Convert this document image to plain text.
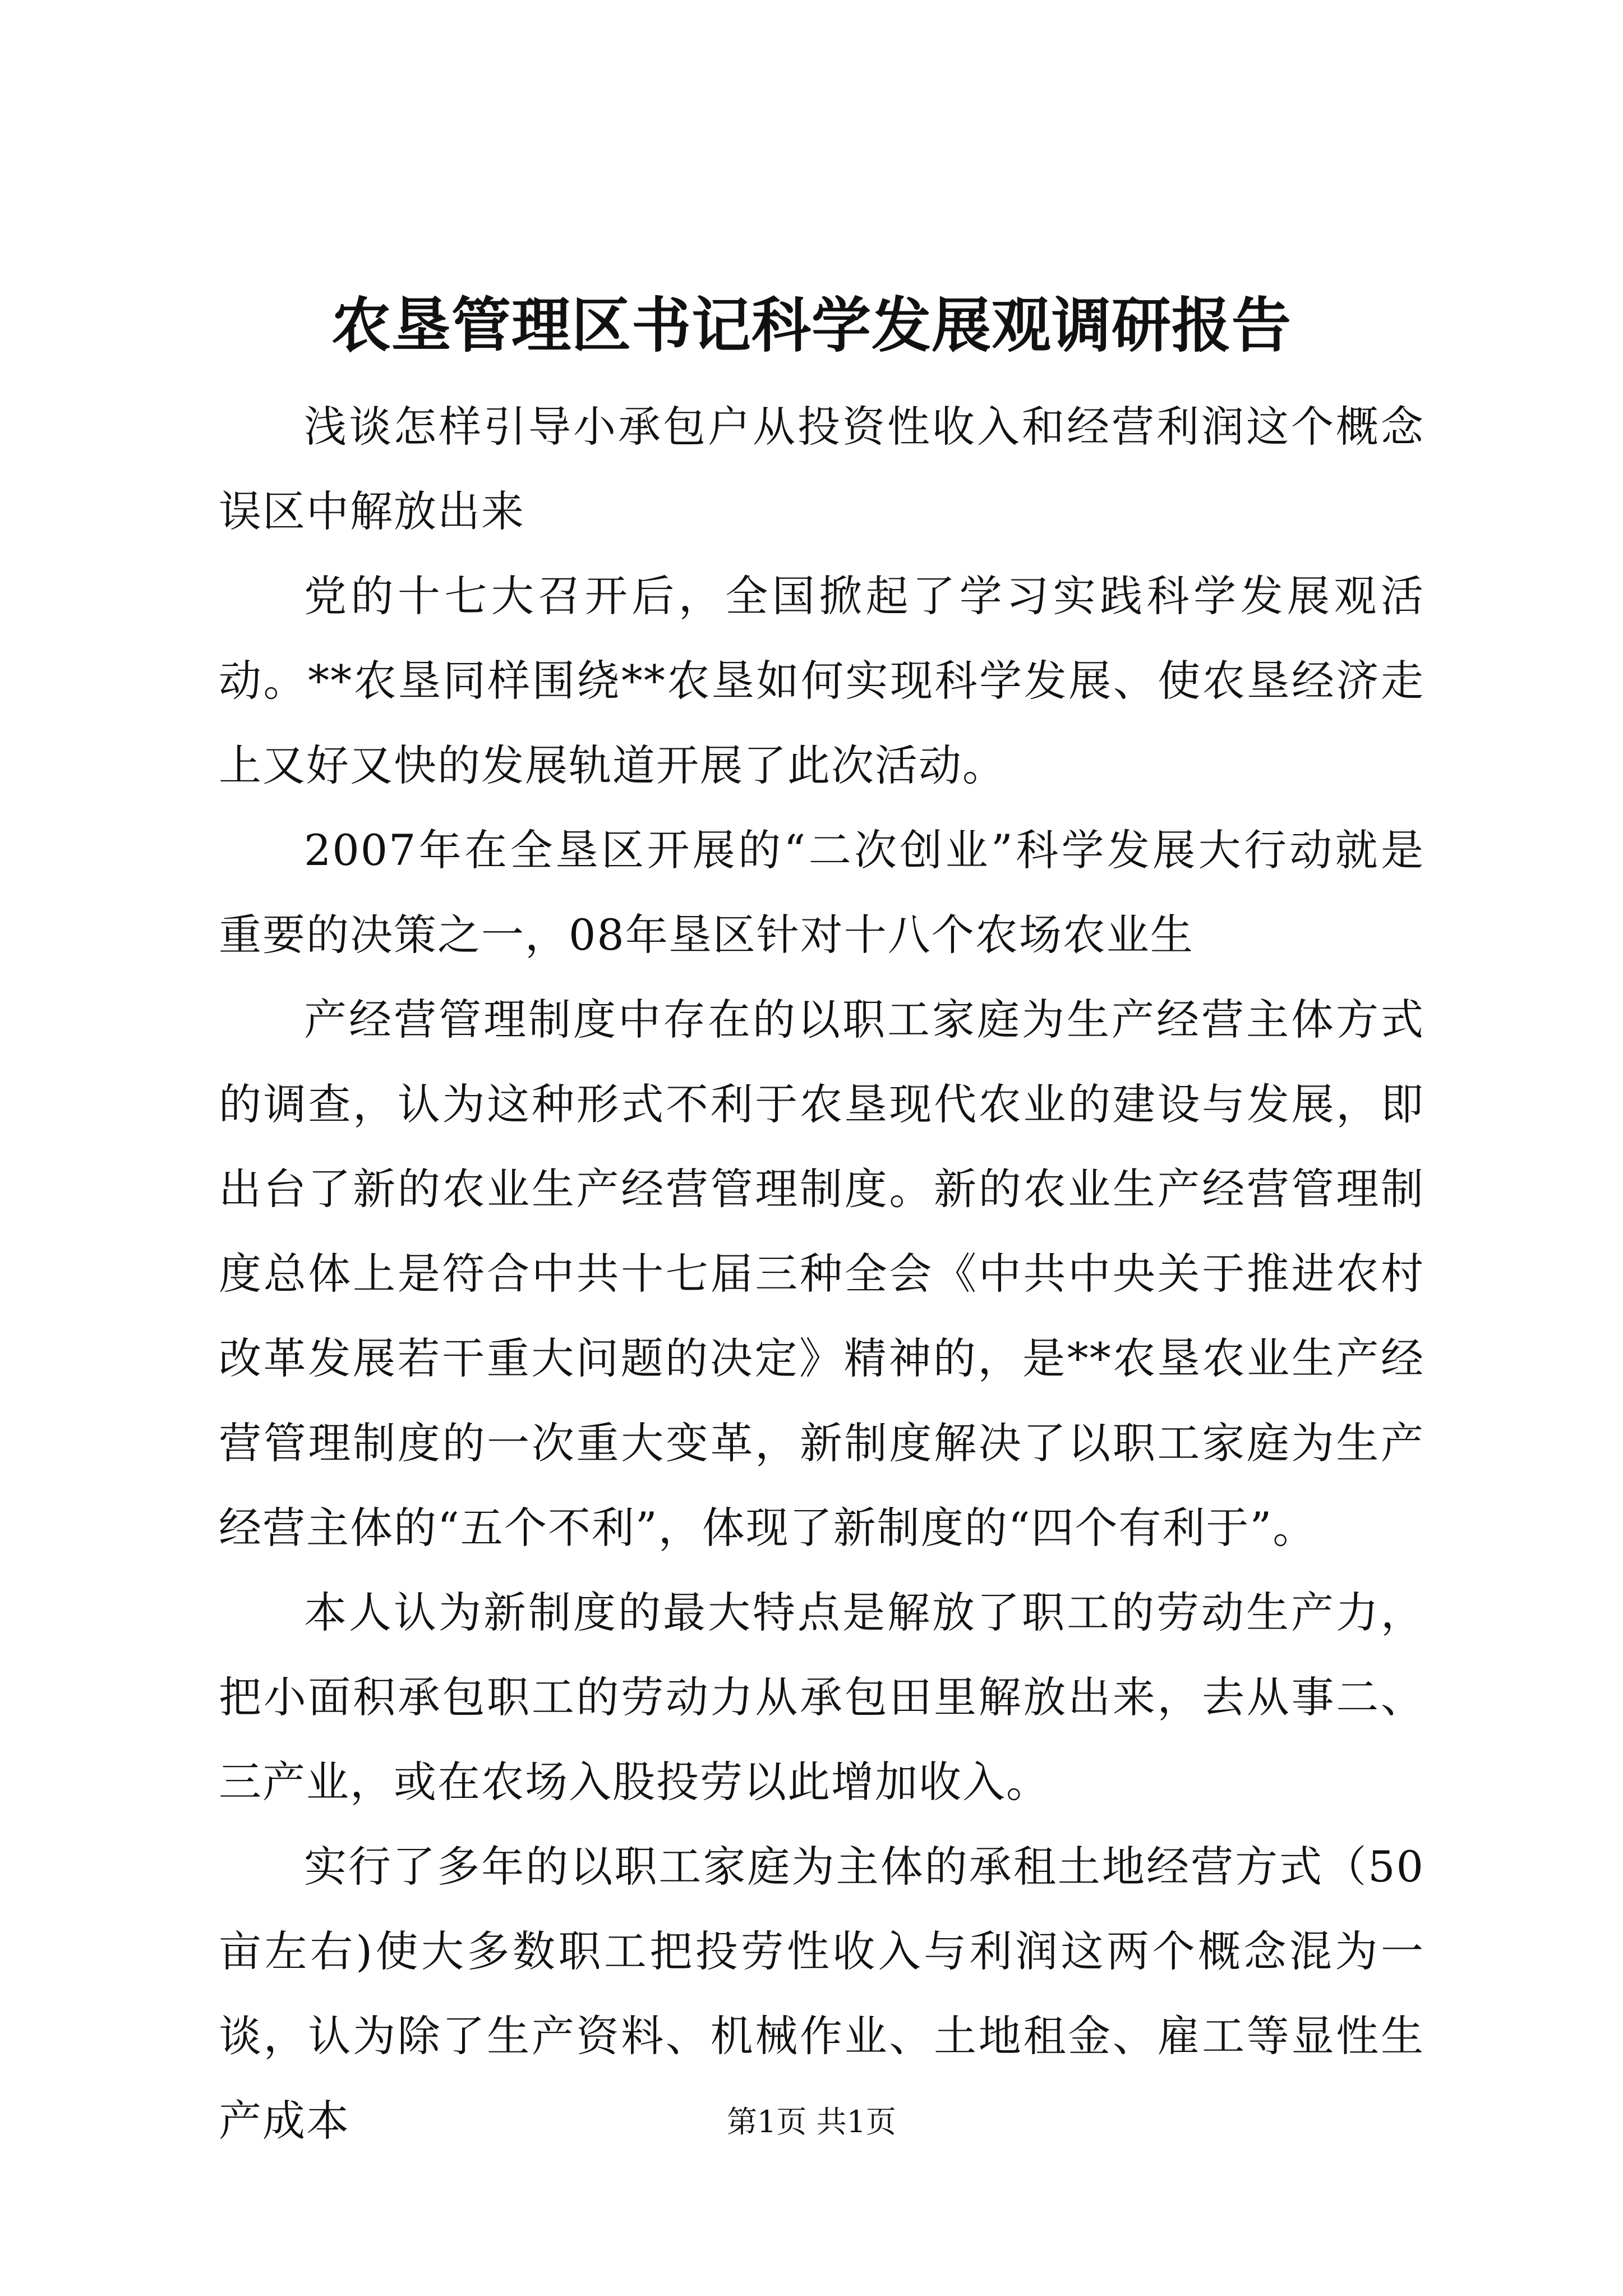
农垦管理区书记科学发展观调研报告

浅谈怎样引导小承包户从投资性收入和经营利润这个概念误区中解放出来

党的十七大召开后，全国掀起了学习实践科学发展观活动。**农垦同样围绕**农垦如何实现科学发展、使农垦经济走上又好又快的发展轨道开展了此次活动。

2007年在全垦区开展的“二次创业”科学发展大行动就是重要的决策之一，08年垦区针对十八个农场农业生

产经营管理制度中存在的以职工家庭为生产经营主体方式的调查，认为这种形式不利于农垦现代农业的建设与发展，即出台了新的农业生产经营管理制度。新的农业生产经营管理制度总体上是符合中共十七届三种全会《中共中央关于推进农村改革发展若干重大问题的决定》精神的，是**农垦农业生产经营管理制度的一次重大变革，新制度解决了以职工家庭为生产经营主体的“五个不利”，体现了新制度的“四个有利于”。

本人认为新制度的最大特点是解放了职工的劳动生产力，把小面积承包职工的劳动力从承包田里解放出来，去从事二、三产业，或在农场入股投劳以此增加收入。

实行了多年的以职工家庭为主体的承租土地经营方式（50亩左右)使大多数职工把投劳性收入与利润这两个概念混为一谈，认为除了生产资料、机械作业、土地租金、雇工等显性生产成本	第1页 共1页
